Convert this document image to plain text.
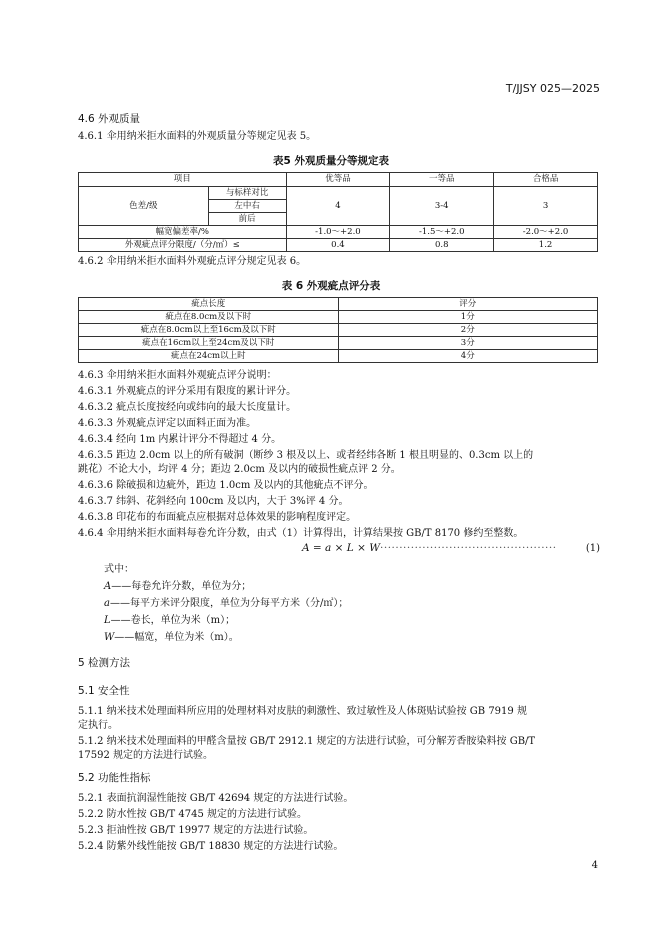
T/JJSY 025—2025
4.6 外观质量
4.6.1 伞用纳米拒水面料的外观质量分等规定见表 5。
表5 外观质量分等规定表
项目		优等品	一等品	合格品
色差/级	与标样对比	4	3-4	3
	左中右			
	前后			
幅宽偏差率/%		-1.0～+2.0	-1.5～+2.0	-2.0～+2.0
外观疵点评分限度/（分/㎡）≤		0.4	0.8	1.2
4.6.2 伞用纳米拒水面料外观疵点评分规定见表 6。
表 6 外观疵点评分表
疵点长度	评分
疵点在8.0cm及以下时	1分
疵点在8.0cm以上至16cm及以下时	2分
疵点在16cm以上至24cm及以下时	3分
疵点在24cm以上时	4分
4.6.3 伞用纳米拒水面料外观疵点评分说明：
4.6.3.1 外观疵点的评分采用有限度的累计评分。
4.6.3.2 疵点长度按经向或纬向的最大长度量计。
4.6.3.3 外观疵点评定以面料正面为准。
4.6.3.4 经向 1m 内累计评分不得超过 4 分。
4.6.3.5 距边 2.0cm 以上的所有破洞（断纱 3 根及以上、或者经纬各断 1 根且明显的、0.3cm 以上的
跳花）不论大小，均评 4 分；距边 2.0cm 及以内的破损性疵点评 2 分。
4.6.3.6 除破损和边疵外，距边 1.0cm 及以内的其他疵点不评分。
4.6.3.7 纬斜、花斜经向 100cm 及以内，大于 3%评 4 分。
4.6.3.8 印花布的布面疵点应根据对总体效果的影响程度评定。
4.6.4 伞用纳米拒水面料每卷允许分数，由式（1）计算得出，计算结果按 GB/T 8170 修约至整数。
A = a × L × W··············································	(1)
式中：
A——每卷允许分数，单位为分；
a——每平方米评分限度，单位为分每平方米（分/㎡）；
L——卷长，单位为米（m）；
W——幅宽，单位为米（m）。
5 检测方法
5.1 安全性
5.1.1 纳米技术处理面料所应用的处理材料对皮肤的刺激性、致过敏性及人体斑贴试验按 GB 7919 规
定执行。
5.1.2 纳米技术处理面料的甲醛含量按 GB/T 2912.1 规定的方法进行试验，可分解芳香胺染料按 GB/T
17592 规定的方法进行试验。
5.2 功能性指标
5.2.1 表面抗润湿性能按 GB/T 42694 规定的方法进行试验。
5.2.2 防水性按 GB/T 4745 规定的方法进行试验。
5.2.3 拒油性按 GB/T 19977 规定的方法进行试验。
5.2.4 防紫外线性能按 GB/T 18830 规定的方法进行试验。
4
